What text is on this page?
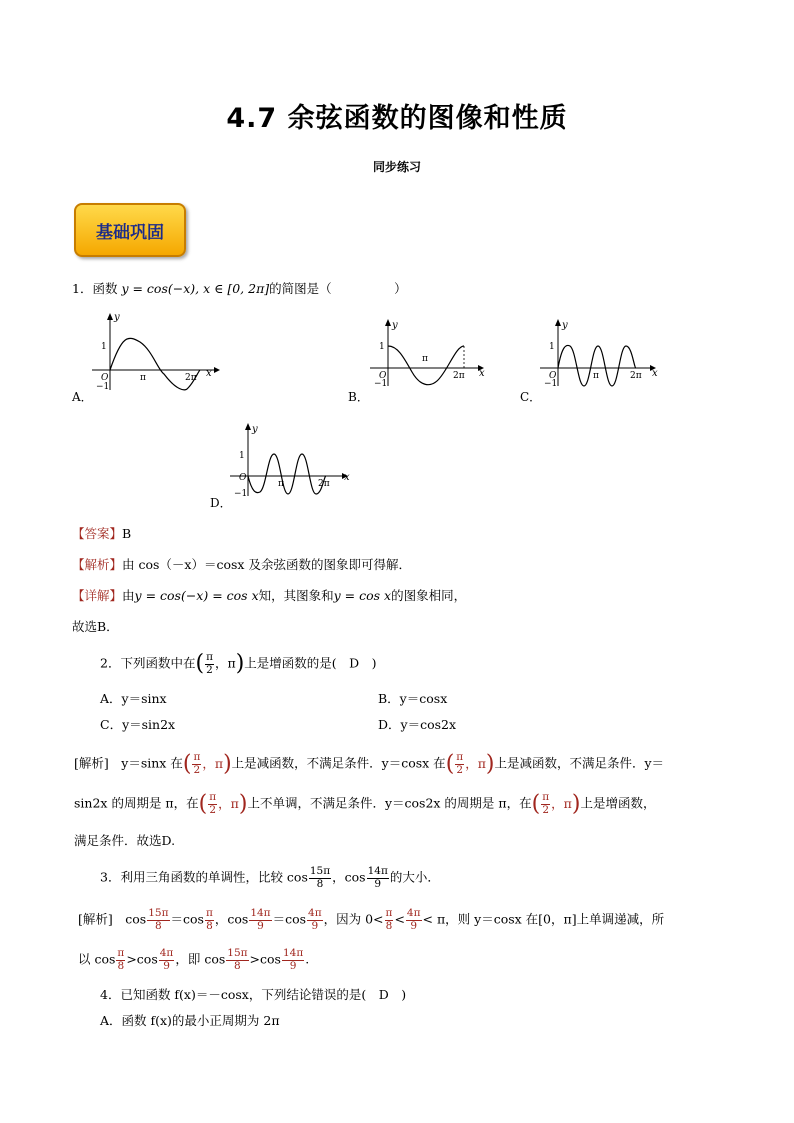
4.7 余弦函数的图像和性质
同步练习
基础巩固
1．函数 y = cos(−x), x ∈ [0, 2π]的简图是（　　　　　）
y
x
1
−1
O	π	2π
A．
y
x
1
−1
O
π
2π
B．
y
x
1
−1
O	π	2π
C．
y
x
1
−1
O
π	2π
D．
【答案】B
【解析】由 cos（－x）＝cosx 及余弦函数的图象即可得解．
【详解】由y = cos(−x) = cos x知，其图象和y = cos x的图象相同，
故选B．
2．下列函数中在( $\frac{\pi}{2}$ ，π)上是增函数的是(　D　)
A．y＝sinx	B．y＝cosx
C．y＝sin2x	D．y＝cos2x
[解析]　 y＝sinx 在( $\frac{\pi}{2}$ ，π)上是减函数，不满足条件．y＝cosx 在( $\frac{\pi}{2}$ ，π)上是减函数，不满足条件．y＝
sin2x 的周期是 π，在( $\frac{\pi}{2}$ ，π)上不单调，不满足条件．y＝cos2x 的周期是 π，在( $\frac{\pi}{2}$ ，π)上是增函数，
满足条件．故选D.
3．利用三角函数的单调性，比较 $\cos \frac{15\pi}{8}$ ，$\cos \frac{14\pi}{9}$ 的大小．
[解析]　 $\cos \frac{15\pi}{8} =\cos \frac{\pi}{8}$ ，$\cos \frac{14\pi}{9} =\cos \frac{4\pi}{9}$ ，因为 $0< \frac{\pi}{8} < \frac{4\pi}{9} < \pi$，则 y＝cosx 在[0，π]上单调递减，所
以 $\cos \frac{\pi}{8} >\cos \frac{4\pi}{9}$ ，即 $\cos \frac{15\pi}{8} >\cos \frac{14\pi}{9}$ .
4．已知函数 f(x)＝－cosx，下列结论错误的是(　D　)
A．函数 f(x)的最小正周期为 2π
